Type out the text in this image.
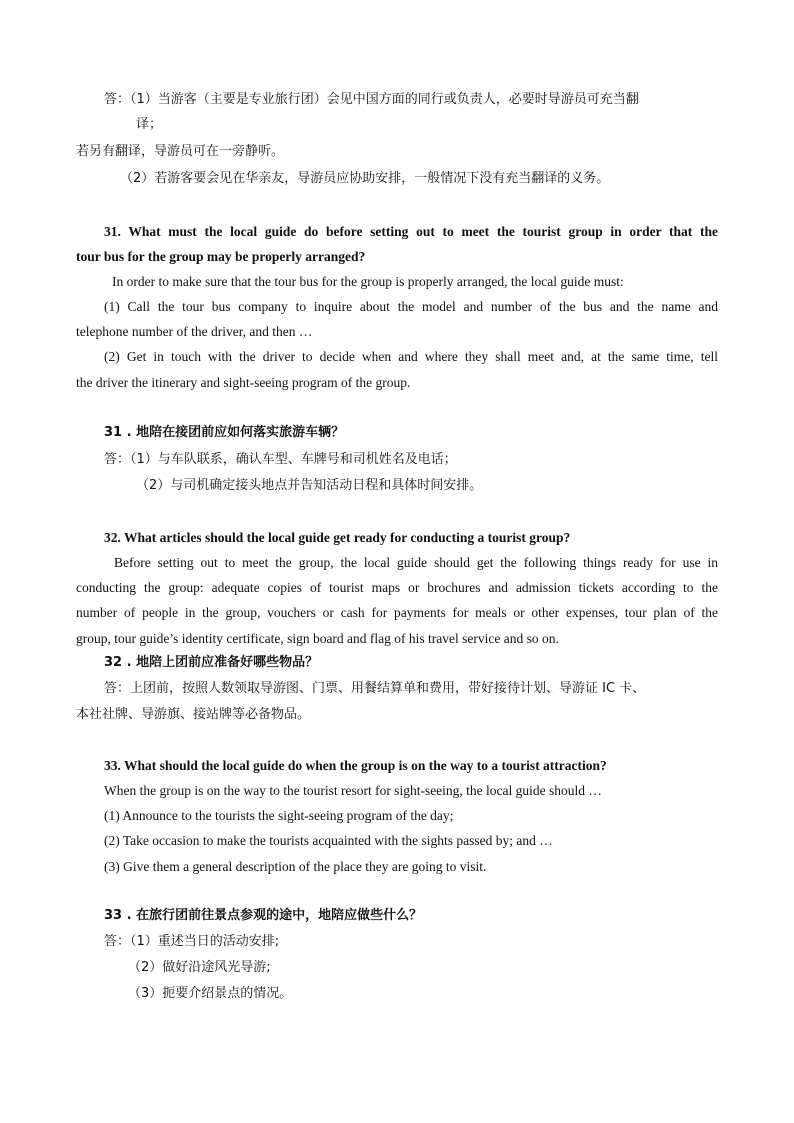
答：（1）当游客（主要是专业旅行团）会见中国方面的同行或负责人，必要时导游员可充当翻
译；
若另有翻译，导游员可在一旁静听。
（2）若游客要会见在华亲友，导游员应协助安排，一般情况下没有充当翻译的义务。
31. What must the local guide do before setting out to meet the tourist group in order that the
tour bus for the group may be properly arranged?
In order to make sure that the tour bus for the group is properly arranged, the local guide must:
(1) Call the tour bus company to inquire about the model and number of the bus and the name and
telephone number of the driver, and then …
(2) Get in touch with the driver to decide when and where they shall meet and, at the same time, tell
the driver the itinerary and sight-seeing program of the group.
31 . 地陪在接团前应如何落实旅游车辆？
答：（1）与车队联系，确认车型、车牌号和司机姓名及电话；
（2）与司机确定接头地点并告知活动日程和具体时间安排。
32. What articles should the local guide get ready for conducting a tourist group?
Before setting out to meet the group, the local guide should get the following things ready for use in
conducting the group: adequate copies of tourist maps or brochures and admission tickets according to the
number of people in the group, vouchers or cash for payments for meals or other expenses, tour plan of the
group, tour guide’s identity certificate, sign board and flag of his travel service and so on.
32 . 地陪上团前应准备好哪些物品？
答：上团前，按照人数领取导游图、门票、用餐结算单和费用，带好接待计划、导游证 IC 卡、
本社社牌、导游旗、接站牌等必备物品。
33. What should the local guide do when the group is on the way to a tourist attraction?
When the group is on the way to the tourist resort for sight-seeing, the local guide should …
(1) Announce to the tourists the sight-seeing program of the day;
(2) Take occasion to make the tourists acquainted with the sights passed by; and …
(3) Give them a general description of the place they are going to visit.
33 . 在旅行团前往景点参观的途中，地陪应做些什么？
答：（1）重述当日的活动安排;
（2）做好沿途风光导游;
（3）扼要介绍景点的情况。
